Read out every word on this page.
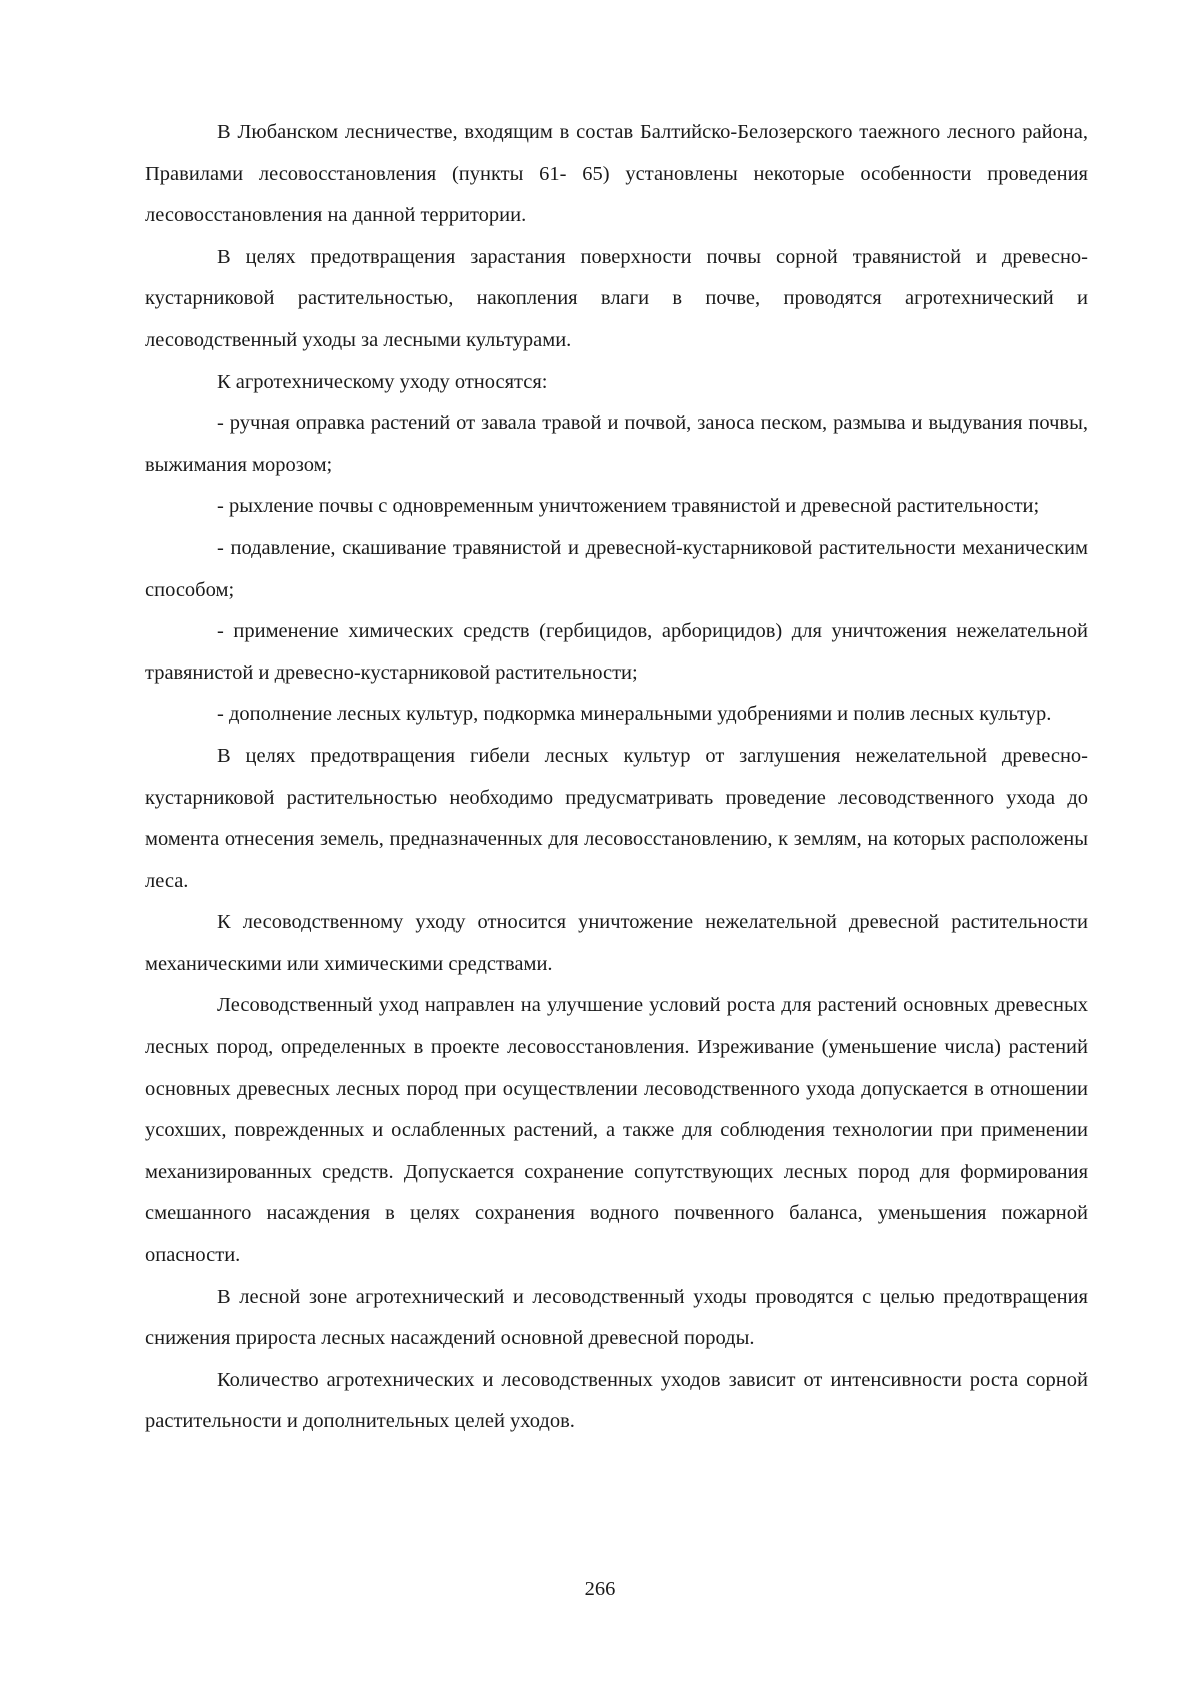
В Любанском лесничестве, входящим в состав Балтийско-Белозерского таежного лесного района, Правилами лесовосстановления (пункты 61- 65) установлены некоторые особенности проведения лесовосстановления на данной территории.

В целях предотвращения зарастания поверхности почвы сорной травянистой и древесно-кустарниковой растительностью, накопления влаги в почве, проводятся агротехнический и лесоводственный уходы за лесными культурами.

К агротехническому уходу относятся:

- ручная оправка растений от завала травой и почвой, заноса песком, размыва и выдувания почвы, выжимания морозом;

- рыхление почвы с одновременным уничтожением травянистой и древесной растительности;

- подавление, скашивание травянистой и древесной-кустарниковой растительности механическим способом;

- применение химических средств (гербицидов, арборицидов) для уничтожения нежелательной травянистой и древесно-кустарниковой растительности;

- дополнение лесных культур, подкормка минеральными удобрениями и полив лесных культур.

В целях предотвращения гибели лесных культур от заглушения нежелательной древесно-кустарниковой растительностью необходимо предусматривать проведение лесоводственного ухода до момента отнесения земель, предназначенных для лесовосстановлению, к землям, на которых расположены леса.

К лесоводственному уходу относится уничтожение нежелательной древесной растительности механическими или химическими средствами.

Лесоводственный уход направлен на улучшение условий роста для растений основных древесных лесных пород, определенных в проекте лесовосстановления. Изреживание (уменьшение числа) растений основных древесных лесных пород при осуществлении лесоводственного ухода допускается в отношении усохших, поврежденных и ослабленных растений, а также для соблюдения технологии при применении механизированных средств. Допускается сохранение сопутствующих лесных пород для формирования смешанного насаждения в целях сохранения водного почвенного баланса, уменьшения пожарной опасности.

В лесной зоне агротехнический и лесоводственный уходы проводятся с целью предотвращения снижения прироста лесных насаждений основной древесной породы.

Количество агротехнических и лесоводственных уходов зависит от интенсивности роста сорной растительности и дополнительных целей уходов.

266
